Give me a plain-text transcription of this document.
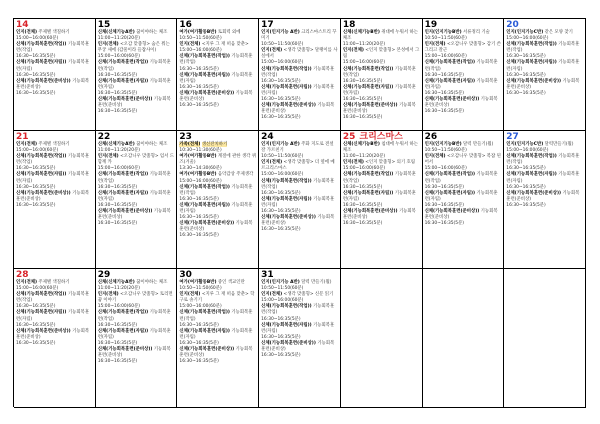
14
인지(전체) 주제별 색칠하기
15:00~16:00(60분)
신체(기능회복훈련(작업)) 기능회복훈련(작업)
16:30~16:35(5분)
신체(기능회복훈련(자립)) 기능회복훈련(자립)
16:30~16:35(5분)
신체(기능회복훈련(준비상)) 기능회복훈련(준비상)
16:30~16:35(5분)
15
신체(신체기능A반) 꿈이야하는 체조
11:00~11:20(20분)
인지(전체) <오감 맞춤형> 숨은 뭐는 무궁 새에 (감물이라 들잡사이)
15:00~16:00(60분)
신체(기능회복훈련(작업)) 기능회복훈련(작업)
16:30~16:35(5분)
신체(기능회복훈련(자립)) 기능회복훈련(자립)
16:30~16:35(5분)
신체(기능회복훈련(준비상)) 기능회복훈련(준비상)
16:30~16:35(5분)
16
여가(여가활동B반) 토회력 외에
10:50~11:50(60분)
인지(전체) <지루 그 재 떠음 맞춘>
15:00~16:00(60분)
신체(기능회복훈련(작업)) 기능회복훈련(작업)
16:30~16:35(5분)
신체(기능회복훈련(자립)) 기능회복훈련(자립)
16:30~16:35(5분)
신체(기능회복훈련(준비상)) 기능회복훈련(준비상)
16:30~16:35(5분)
17
인지(인지기능 A반) 크리스마스트리 꾸미기
10:50~11:50(60분)
인지(전체) <생각 맞춤형> 달팽이를 사실에서
15:00~16:00(60분)
신체(기능회복훈련(작업)) 기능회복훈련(작업)
16:30~16:35(5분)
신체(기능회복훈련(자립)) 기능회복훈련(자립)
16:30~16:35(5분)
신체(기능회복훈련(준비상)) 기능회복훈련(준비상)
16:30~16:35(5분)
18
신체(신체기능B반) 취대에 누워서 하는체조
11:00~11:20(20분)
인지(전체) <인지 맞춤형> 본성에서 그림
15:00~16:00(60분)
신체(기능회복훈련(작업)) 기능회복훈련(작업)
16:30~16:35(5분)
신체(기능회복훈련(자립)) 기능회복훈련(자립)
16:30~16:35(5분)
신체(기능회복훈련(준비상)) 기능회복훈련(준비상)
16:30~16:35(5분)
19
인지(인지기능B반) 서류정리 기술
10:50~11:50(60분)
인지(전체) <오감니우 맞춤형> 감기 쓴 그리고 잘근
15:00~16:00(60분)
신체(기능회복훈련(작업)) 기능회복훈련(작업)
16:30~16:35(5분)
신체(기능회복훈련(자립)) 기능회복훈련(자립)
16:30~16:35(5분)
신체(기능회복훈련(준비상)) 기능회복훈련(준비상)
16:30~16:35(5분)
20
인지(인지기능C반) 같은 모양 찾기
15:00~16:00(60분)
신체(기능회복훈련(작업)) 기능회복훈련(작업)
16:30~16:35(5분)
신체(기능회복훈련(자립)) 기능회복훈련(자립)
16:30~16:35(5분)
신체(기능회복훈련(준비상)) 기능회복훈련(준비상)
16:30~16:35(5분)
21
인지(전체) 주제별 색칠하기
15:00~16:00(60분)
신체(기능회복훈련(작업)) 기능회복훈련(작업)
16:30~16:35(5분)
신체(기능회복훈련(자립)) 기능회복훈련(자립)
16:30~16:35(5분)
신체(기능회복훈련(준비상)) 기능회복훈련(준비상)
16:30~16:35(5분)
22
신체(신체기능A반) 꿈이야하는 체조
11:00~11:20(20분)
인지(전체) <오감니우 맞춤형> 엄서 드 함께 카
15:00~16:00(60분)
신체(기능회복훈련(작업)) 기능회복훈련(작업)
16:30~16:35(5분)
신체(기능회복훈련(자립)) 기능회복훈련(자립)
16:30~16:35(5분)
신체(기능회복훈련(준비상)) 기능회복훈련(준비상)
16:30~16:35(5분)
23
가족(전체) 생신잔치하기
10:30~11:30(60분)
여가(여가활동B반) 계절에 관한 생각 퀴즈(겨울)
13:30~14:30(60분)
여가(여가활동B반) 음악감상 주제생각
15:00~16:00(60분)
신체(기능회복훈련(작업)) 기능회복훈련(작업)
16:30~16:35(5분)
신체(기능회복훈련(자립)) 기능회복훈련(자립)
16:30~16:35(5분)
신체(기능회복훈련(준비상)) 기능회복훈련(준비상)
16:30~16:35(5분)
24
인지(인지기능 A반) 주화 지도로 전설잘 가르친기
10:50~11:50(60분)
인지(전체) <생각 맞춤형> 더 옆에 메르크리스마스
15:00~16:00(60분)
신체(기능회복훈련(작업)) 기능회복훈련(작업)
16:30~16:35(5분)
신체(기능회복훈련(자립)) 기능회복훈련(자립)
16:30~16:35(5분)
신체(기능회복훈련(준비상)) 기능회복훈련(준비상)
16:30~16:35(5분)
25 크리스마스
신체(신체기능B반) 침대에 누워서 하는체조
11:00~11:20(20분)
인지(전체) <인지 맞춤형> 의기 호림
15:00~16:00(60분)
신체(기능회복훈련(작업)) 기능회복훈련(작업)
16:30~16:35(5분)
신체(기능회복훈련(자립)) 기능회복훈련(자립)
16:30~16:35(5분)
신체(기능회복훈련(준비상)) 기능회복훈련(준비상)
16:30~16:35(5분)
26
인지(인지기능B반) 달력 만들기(월)
10:50~11:50(60분)
인지(전체) <오감니우 맞춤형> 복잡 된어서
15:00~16:00(60분)
신체(기능회복훈련(작업)) 기능회복훈련(작업)
16:30~16:35(5분)
신체(기능회복훈련(자립)) 기능회복훈련(자립)
16:30~16:35(5분)
신체(기능회복훈련(준비상)) 기능회복훈련(준비상)
16:30~16:35(5분)
27
인지(인지기능C반) 달력만들기(월)
15:00~16:00(60분)
신체(기능회복훈련(작업)) 기능회복훈련(작업)
16:30~16:35(5분)
신체(기능회복훈련(자립)) 기능회복훈련(자립)
16:30~16:35(5분)
신체(기능회복훈련(준비상)) 기능회복훈련(준비상)
16:30~16:35(5분)
28
인지(전체) 주제별 색칠하기
15:00~16:00(60분)
신체(기능회복훈련(작업)) 기능회복훈련(작업)
16:30~16:35(5분)
신체(기능회복훈련(자립)) 기능회복훈련(자립)
16:30~16:35(5분)
신체(기능회복훈련(준비상)) 기능회복훈련(준비상)
16:30~16:35(5분)
29
신체(신체기능A반) 꿈이야하는 체조
11:00~11:20(20분)
인지(전체) <오감니우 맞춤형> 토리면 꿈 이야기
15:00~16:00(60분)
신체(기능회복훈련(작업)) 기능회복훈련(작업)
16:30~16:35(5분)
신체(기능회복훈련(자립)) 기능회복훈련(자립)
16:30~16:35(5분)
신체(기능회복훈련(준비상)) 기능회복훈련(준비상)
16:30~16:35(5분)
30
여가(여가활동B반) 중인 색교인란
10:50~11:50(60분)
인지(전체) <지루 그 재 떠음 맞춘> 학구로 솔기기
15:00~16:00(60분)
신체(기능회복훈련(작업)) 기능회복훈련(작업)
16:30~16:35(5분)
신체(기능회복훈련(자립)) 기능회복훈련(자립)
16:30~16:35(5분)
신체(기능회복훈련(준비상)) 기능회복훈련(준비상)
16:30~16:35(5분)
31
인지(인지기능 A반) 달력 만들기(월)
10:50~11:50(60분)
인지(전체) <생각 맞춤형> 신문 읽기
15:00~16:00(60분)
신체(기능회복훈련(작업)) 기능회복훈련(작업)
16:30~16:35(5분)
신체(기능회복훈련(자립)) 기능회복훈련(자립)
16:30~16:35(5분)
신체(기능회복훈련(준비상)) 기능회복훈련(준비상)
16:30~16:35(5분)
